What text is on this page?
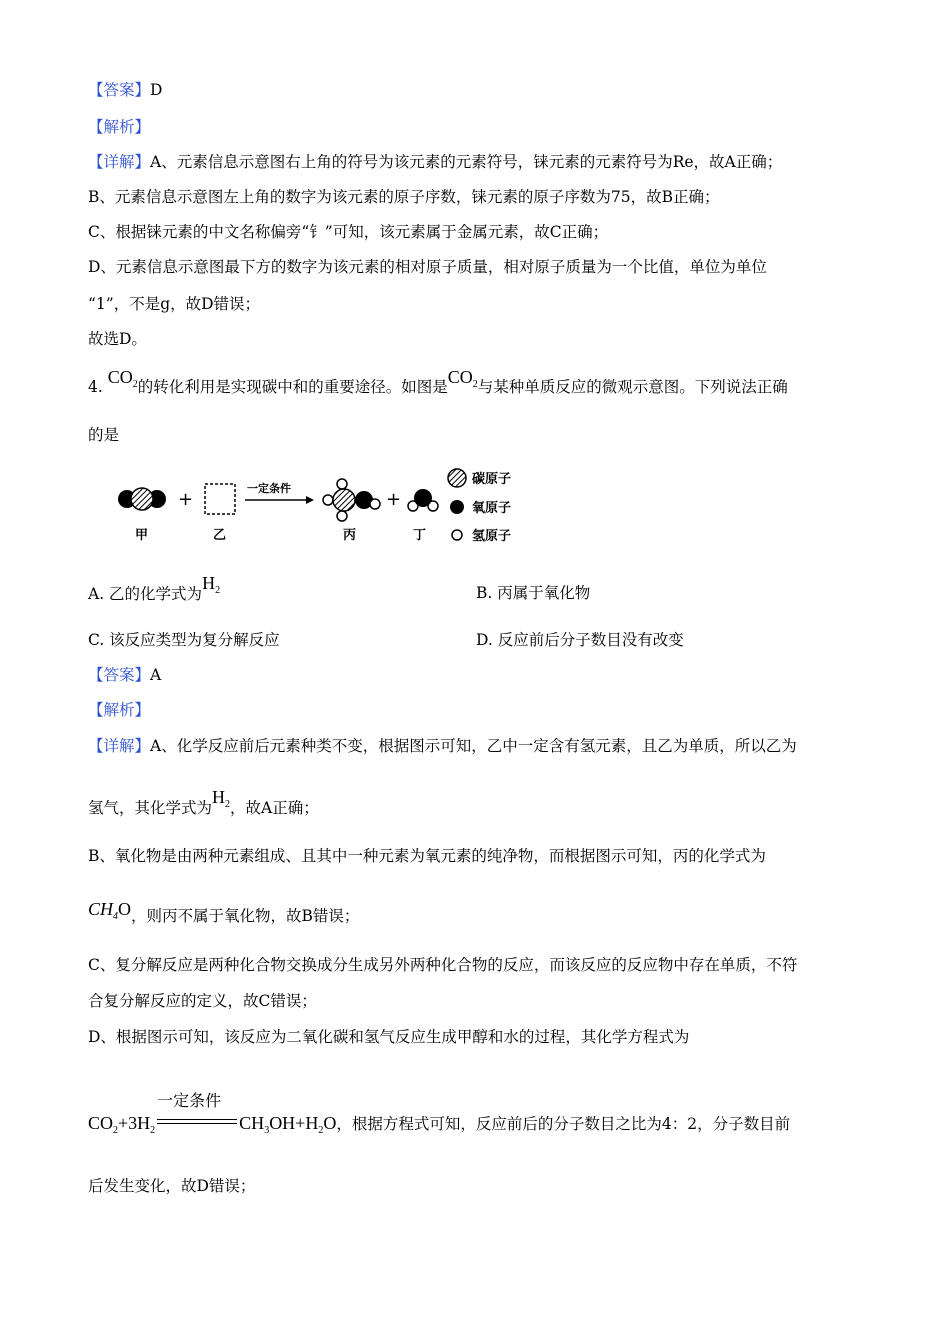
【答案】D
【解析】
【详解】A、元素信息示意图右上角的符号为该元素的元素符号，铼元素的元素符号为Re，故A正确；
B、元素信息示意图左上角的数字为该元素的原子序数，铼元素的原子序数为75，故B正确；
C、根据铼元素的中文名称偏旁“钅”可知，该元素属于金属元素，故C正确；
D、元素信息示意图最下方的数字为该元素的相对原子质量，相对原子质量为一个比值，单位为单位
“1”，不是g，故D错误；
故选D。
4. $CO_2$的转化利用是实现碳中和的重要途径。如图是$CO_2$与某种单质反应的微观示意图。下列说法正确
的是
+
一定条件
+
甲	乙	丙	丁
碳原子
氧原子
氢原子
A. 乙的化学式为$H_2$	B. 丙属于氧化物
C. 该反应类型为复分解反应	D. 反应前后分子数目没有改变
【答案】A
【解析】
【详解】A、化学反应前后元素种类不变，根据图示可知，乙中一定含有氢元素，且乙为单质，所以乙为
氢气，其化学式为$H_2$，故A正确；
B、氧化物是由两种元素组成、且其中一种元素为氧元素的纯净物，而根据图示可知，丙的化学式为
$CH_4O$，则丙不属于氧化物，故B错误；
C、复分解反应是两种化合物交换成分生成另外两种化合物的反应，而该反应的反应物中存在单质，不符
合复分解反应的定义，故C错误；
D、根据图示可知，该反应为二氧化碳和氢气反应生成甲醇和水的过程，其化学方程式为
$CO_2+3H_2$
一定条件
$CH_3OH+H_2O$，根据方程式可知，反应前后的分子数目之比为4：2，分子数目前
后发生变化，故D错误；
